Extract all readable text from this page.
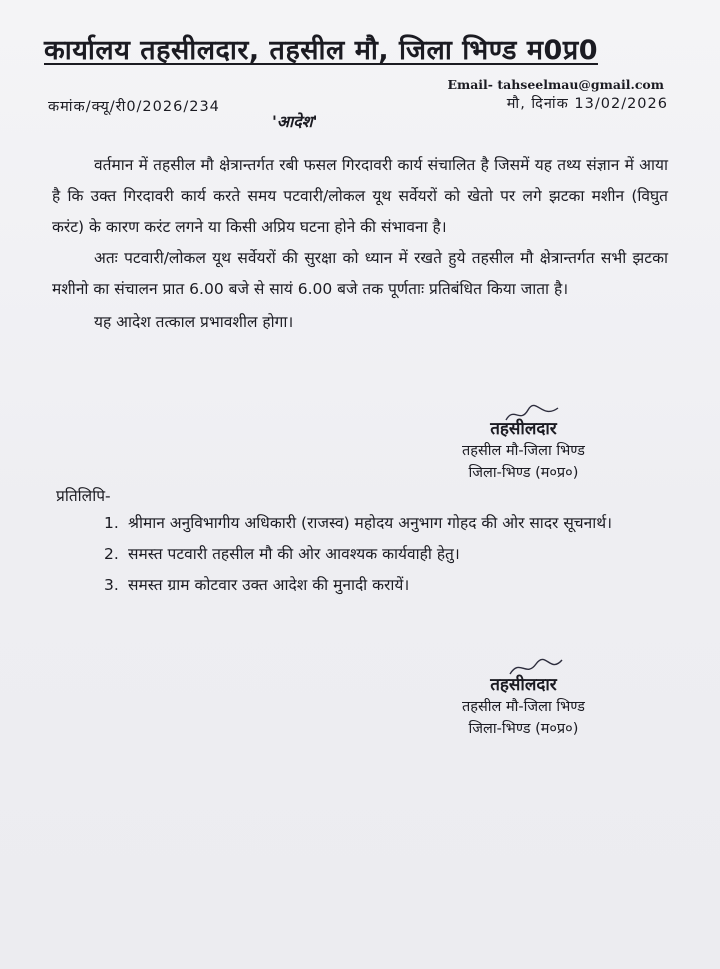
कार्यालय तहसीलदार, तहसील मौ, जिला भिण्ड म0प्र0
Email- tahseelmau@gmail.com
कमांक/क्यू/री0/2026/234	मौ, दिनांक 13/02/2026
'आदेश'

वर्तमान में तहसील मौ क्षेत्रान्तर्गत रबी फसल गिरदावरी कार्य संचालित है जिसमें यह तथ्य संज्ञान में आया है कि उक्त गिरदावरी कार्य करते समय पटवारी/लोकल यूथ सर्वेयरों को खेतो पर लगे झटका मशीन (विघुत करंट) के कारण करंट लगने या किसी अप्रिय घटना होने की संभावना है।

अतः पटवारी/लोकल यूथ सर्वेयरों की सुरक्षा को ध्यान में रखते हुये तहसील मौ क्षेत्रान्तर्गत सभी झटका मशीनो का संचालन प्रात 6.00 बजे से सायं 6.00 बजे तक पूर्णताः प्रतिबंधित किया जाता है।

यह आदेश तत्काल प्रभावशील होगा।

तहसीलदार
तहसील मौ-जिला भिण्ड
जिला-भिण्ड (म०प्र०)
प्रतिलिपि-
1. श्रीमान अनुविभागीय अधिकारी (राजस्व) महोदय अनुभाग गोहद की ओर सादर सूचनार्थ।
2. समस्त पटवारी तहसील मौ की ओर आवश्यक कार्यवाही हेतु।
3. समस्त ग्राम कोटवार उक्त आदेश की मुनादी करायें।
तहसीलदार
तहसील मौ-जिला भिण्ड
जिला-भिण्ड (म०प्र०)
